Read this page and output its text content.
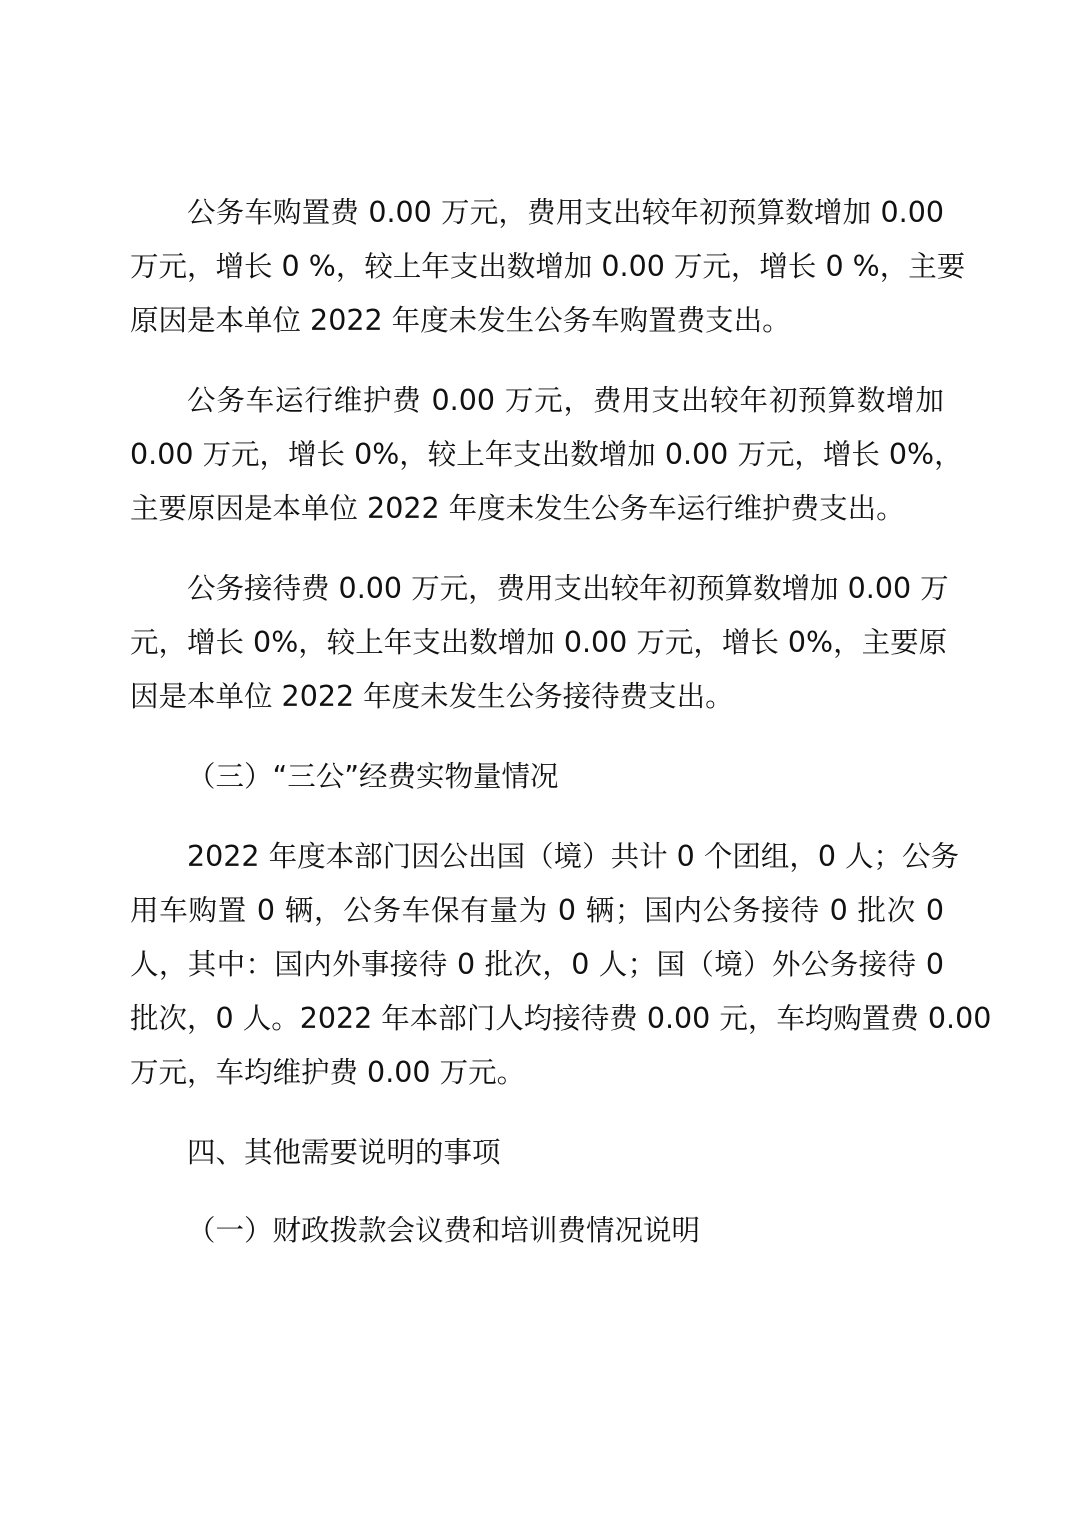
公务车购置费 0.00 万元，费用支出较年初预算数增加 0.00
万元，增长 0 %，较上年支出数增加 0.00 万元，增长 0 %，主要
原因是本单位 2022 年度未发生公务车购置费支出。
公务车运行维护费 0.00 万元，费用支出较年初预算数增加
0.00 万元，增长 0%，较上年支出数增加 0.00 万元，增长 0%，
主要原因是本单位 2022 年度未发生公务车运行维护费支出。
公务接待费 0.00 万元，费用支出较年初预算数增加 0.00 万
元，增长 0%，较上年支出数增加 0.00 万元，增长 0%，主要原
因是本单位 2022 年度未发生公务接待费支出。
（三）“三公”经费实物量情况
2022 年度本部门因公出国（境）共计 0 个团组，0 人；公务
用车购置 0 辆，公务车保有量为 0 辆；国内公务接待 0 批次 0
人，其中：国内外事接待 0 批次，0 人；国（境）外公务接待 0
批次，0 人。2022 年本部门人均接待费 0.00 元，车均购置费 0.00
万元，车均维护费 0.00 万元。
四、其他需要说明的事项
（一）财政拨款会议费和培训费情况说明
